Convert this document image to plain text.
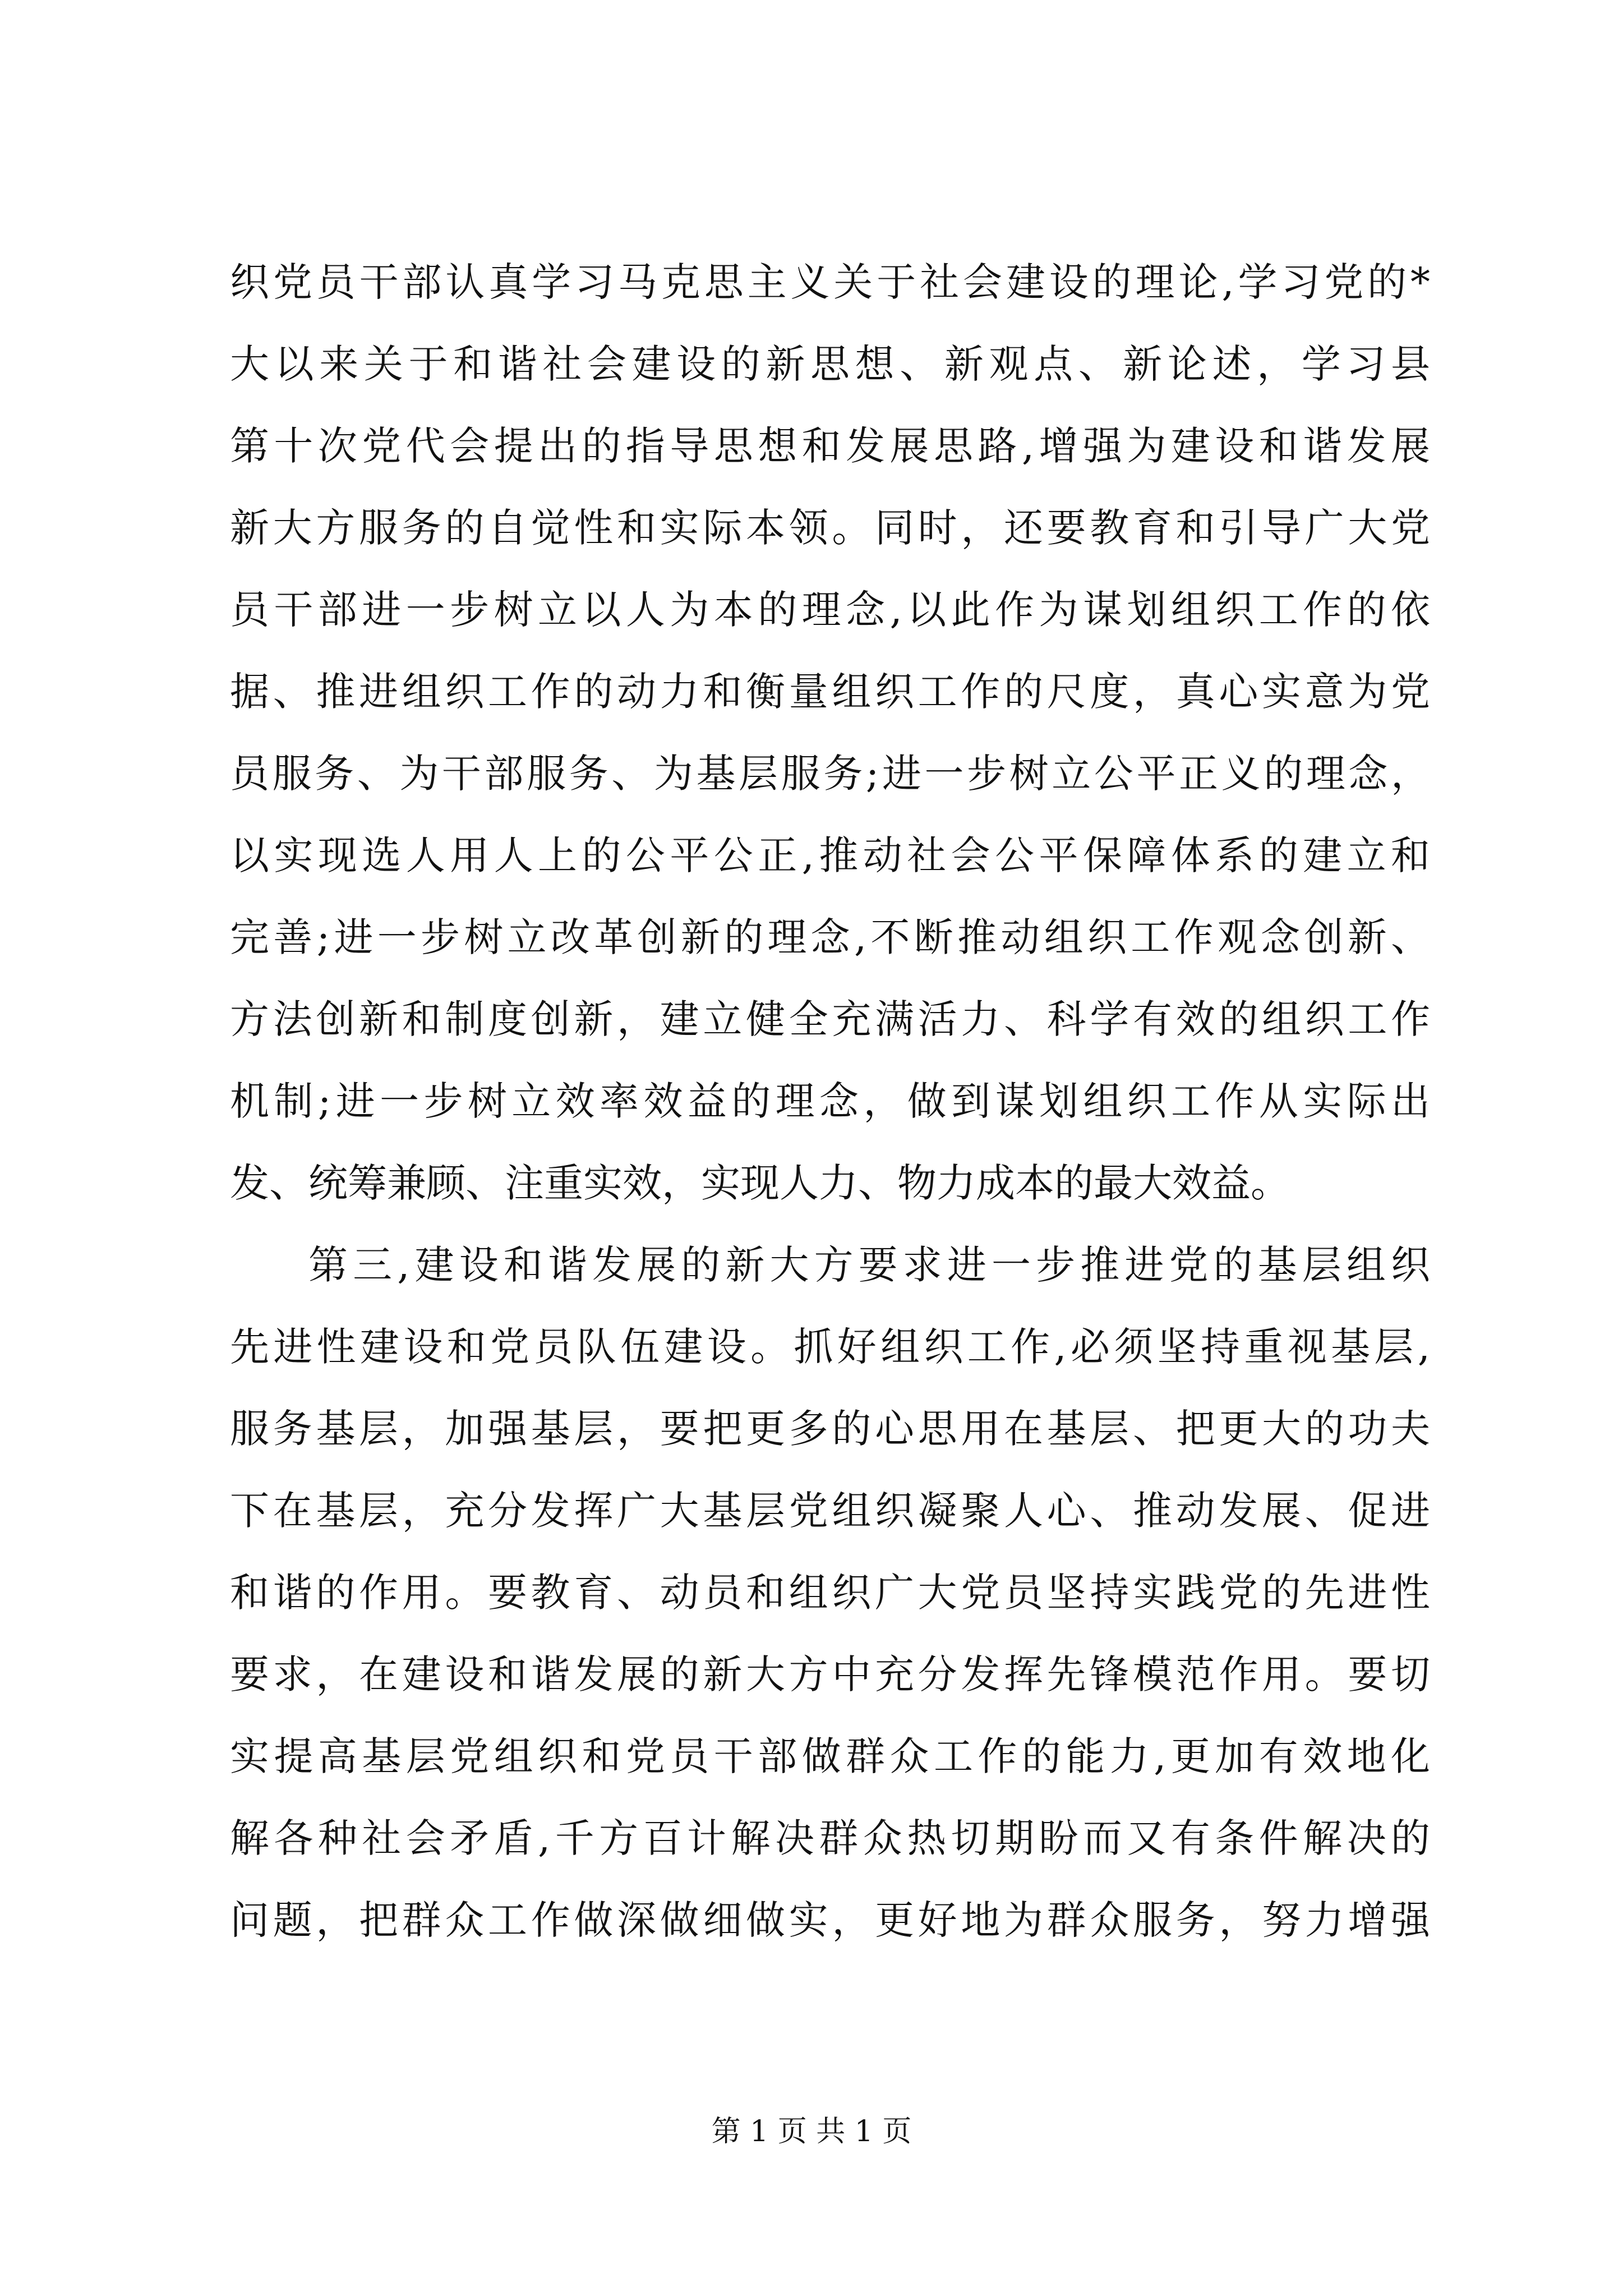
织党员干部认真学习马克思主义关于社会建设的理论,学习党的*
大以来关于和谐社会建设的新思想、新观点、新论述，学习县
第十次党代会提出的指导思想和发展思路,增强为建设和谐发展
新大方服务的自觉性和实际本领。同时，还要教育和引导广大党
员干部进一步树立以人为本的理念,以此作为谋划组织工作的依
据、推进组织工作的动力和衡量组织工作的尺度，真心实意为党
员服务、为干部服务、为基层服务;进一步树立公平正义的理念，
以实现选人用人上的公平公正,推动社会公平保障体系的建立和
完善;进一步树立改革创新的理念,不断推动组织工作观念创新、
方法创新和制度创新，建立健全充满活力、科学有效的组织工作
机制;进一步树立效率效益的理念，做到谋划组织工作从实际出
发、统筹兼顾、注重实效，实现人力、物力成本的最大效益。
第三,建设和谐发展的新大方要求进一步推进党的基层组织
先进性建设和党员队伍建设。抓好组织工作,必须坚持重视基层,
服务基层，加强基层，要把更多的心思用在基层、把更大的功夫
下在基层，充分发挥广大基层党组织凝聚人心、推动发展、促进
和谐的作用。要教育、动员和组织广大党员坚持实践党的先进性
要求，在建设和谐发展的新大方中充分发挥先锋模范作用。要切
实提高基层党组织和党员干部做群众工作的能力,更加有效地化
解各种社会矛盾,千方百计解决群众热切期盼而又有条件解决的
问题，把群众工作做深做细做实，更好地为群众服务，努力增强
第 1 页 共 1 页
